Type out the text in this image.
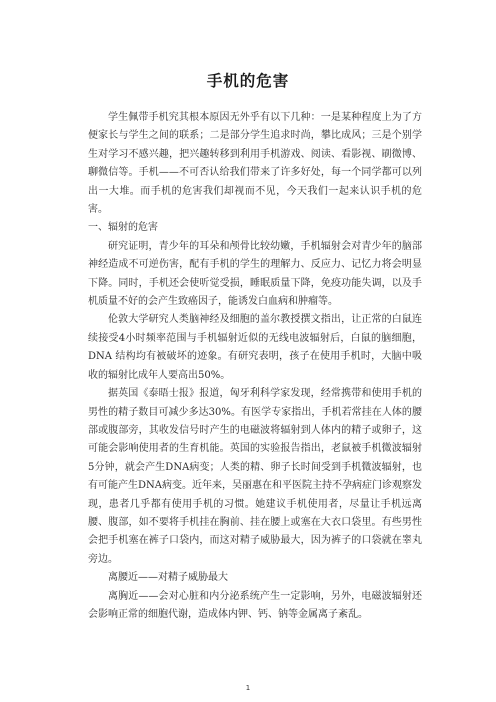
手机的危害

学生佩带手机究其根本原因无外乎有以下几种：一是某种程度上为了方便家长与学生之间的联系；二是部分学生追求时尚，攀比成风；三是个别学生对学习不感兴趣，把兴趣转移到利用手机游戏、阅读、看影视、刷微博、聊微信等。手机——不可否认给我们带来了许多好处，每一个同学都可以列出一大堆。而手机的危害我们却视而不见，今天我们一起来认识手机的危害。

一、辐射的危害

研究证明，青少年的耳朵和颅骨比较幼嫩，手机辐射会对青少年的脑部神经造成不可逆伤害，配有手机的学生的理解力、反应力、记忆力将会明显下降。同时，手机还会使听觉受损，睡眠质量下降，免疫功能失调，以及手机质量不好的会产生致癌因子，能诱发白血病和肿瘤等。

伦敦大学研究人类脑神经及细胞的盖尔教授撰文指出，让正常的白鼠连续接受4小时频率范围与手机辐射近似的无线电波辐射后，白鼠的脑细胞，DNA 结构均有被破坏的迹象。有研究表明，孩子在使用手机时，大脑中吸收的辐射比成年人要高出50%。

据英国《泰晤士报》报道，匈牙利科学家发现，经常携带和使用手机的男性的精子数目可减少多达30%。有医学专家指出，手机若常挂在人体的腰部或腹部旁，其收发信号时产生的电磁波将辐射到人体内的精子或卵子，这可能会影响使用者的生育机能。英国的实验报告指出，老鼠被手机微波辐射5分钟，就会产生DNA病变；人类的精、卵子长时间受到手机微波辐射，也有可能产生DNA病变。近年来，吴丽惠在和平医院主持不孕病症门诊观察发现，患者几乎都有使用手机的习惯。她建议手机使用者，尽量让手机远离腰、腹部，如不要将手机挂在胸前、挂在腰上或塞在大衣口袋里。有些男性会把手机塞在裤子口袋内，而这对精子威胁最大，因为裤子的口袋就在睾丸旁边。

离腰近——对精子威胁最大

离胸近——会对心脏和内分泌系统产生一定影响，另外，电磁波辐射还会影响正常的细胞代谢，造成体内钾、钙、钠等金属离子紊乱。

1
